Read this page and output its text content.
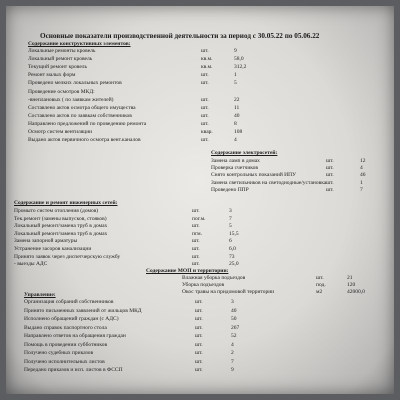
Основные показатели производственной деятельности за период с 30.05.22 по 05.06.22
Содержание конструктивных элементов:
Локальные ремонты кровель	шт.	9
Локальный ремонт кровель	кв.м.	58,0
Текущий ремонт кровель	кв.м.	312,2
Ремонт малых форм	шт.	1
Проведено мелких локальных ремонтов	шт.	5
Проведение осмотров МКД:
-внеплановых ( по заявкам жителей)	шт.	22
Составлено актов осмотра общего имущества	шт.	11
Составлено актов по заявкам собственников	шт.	40
Направлено предложений по проведению ремонта	шт.	8
Осмотр систем вентиляции	квар.	108
Выдано актов первичного осмотра вент.каналов	шт.	4
Содержание электросетей:
Замена ламп в домах	шт.	12
Проверка счетчиков	шт.	4
Снято контрольных показаний ИПУ	шт.	46
Замена светильников на светодиодные/установка шт.	1
Проведено ППР	шт.	7
Содержание и ремонт инженерных сетей:
Промыто систем отопления (домов)	шт.	3
Тек.ремонт (замены выпусков, стояков)	пог.м.	7
Локальный ремонт/замена труб в домах	шт.	5
Локальный ремонт/замена труб в домах	пгм.	15,5
Замена запорной арматуры	шт.	6
Устранение засоров канализации	шт.	6,0
Принято заявок через диспетчерскую службу	шт.	73
- выезды АДС	шт.	25,0
Содержание МОП и территории:
Влажная уборка подъездов	шт.	21
Уборка подъездов	под.	120
Окос травы на придомовой территории	м2	42000,0
Управление:
Организация собраний собственников	шт.	3
Принято письменных заявлений от жильцов МКД	шт.	40
Исполнено обращений граждан (с АДС)	шт.	50
Выдано справок паспортного стола	шт.	267
Направлено ответов на обращения граждан	шт.	52
Помощь в проведении субботников	шт.	4
Получено судебных приказов	шт.	2
Получено исполнительных листов	шт.	7
Передано приказов и исп. листов в ФССП	шт.	9
